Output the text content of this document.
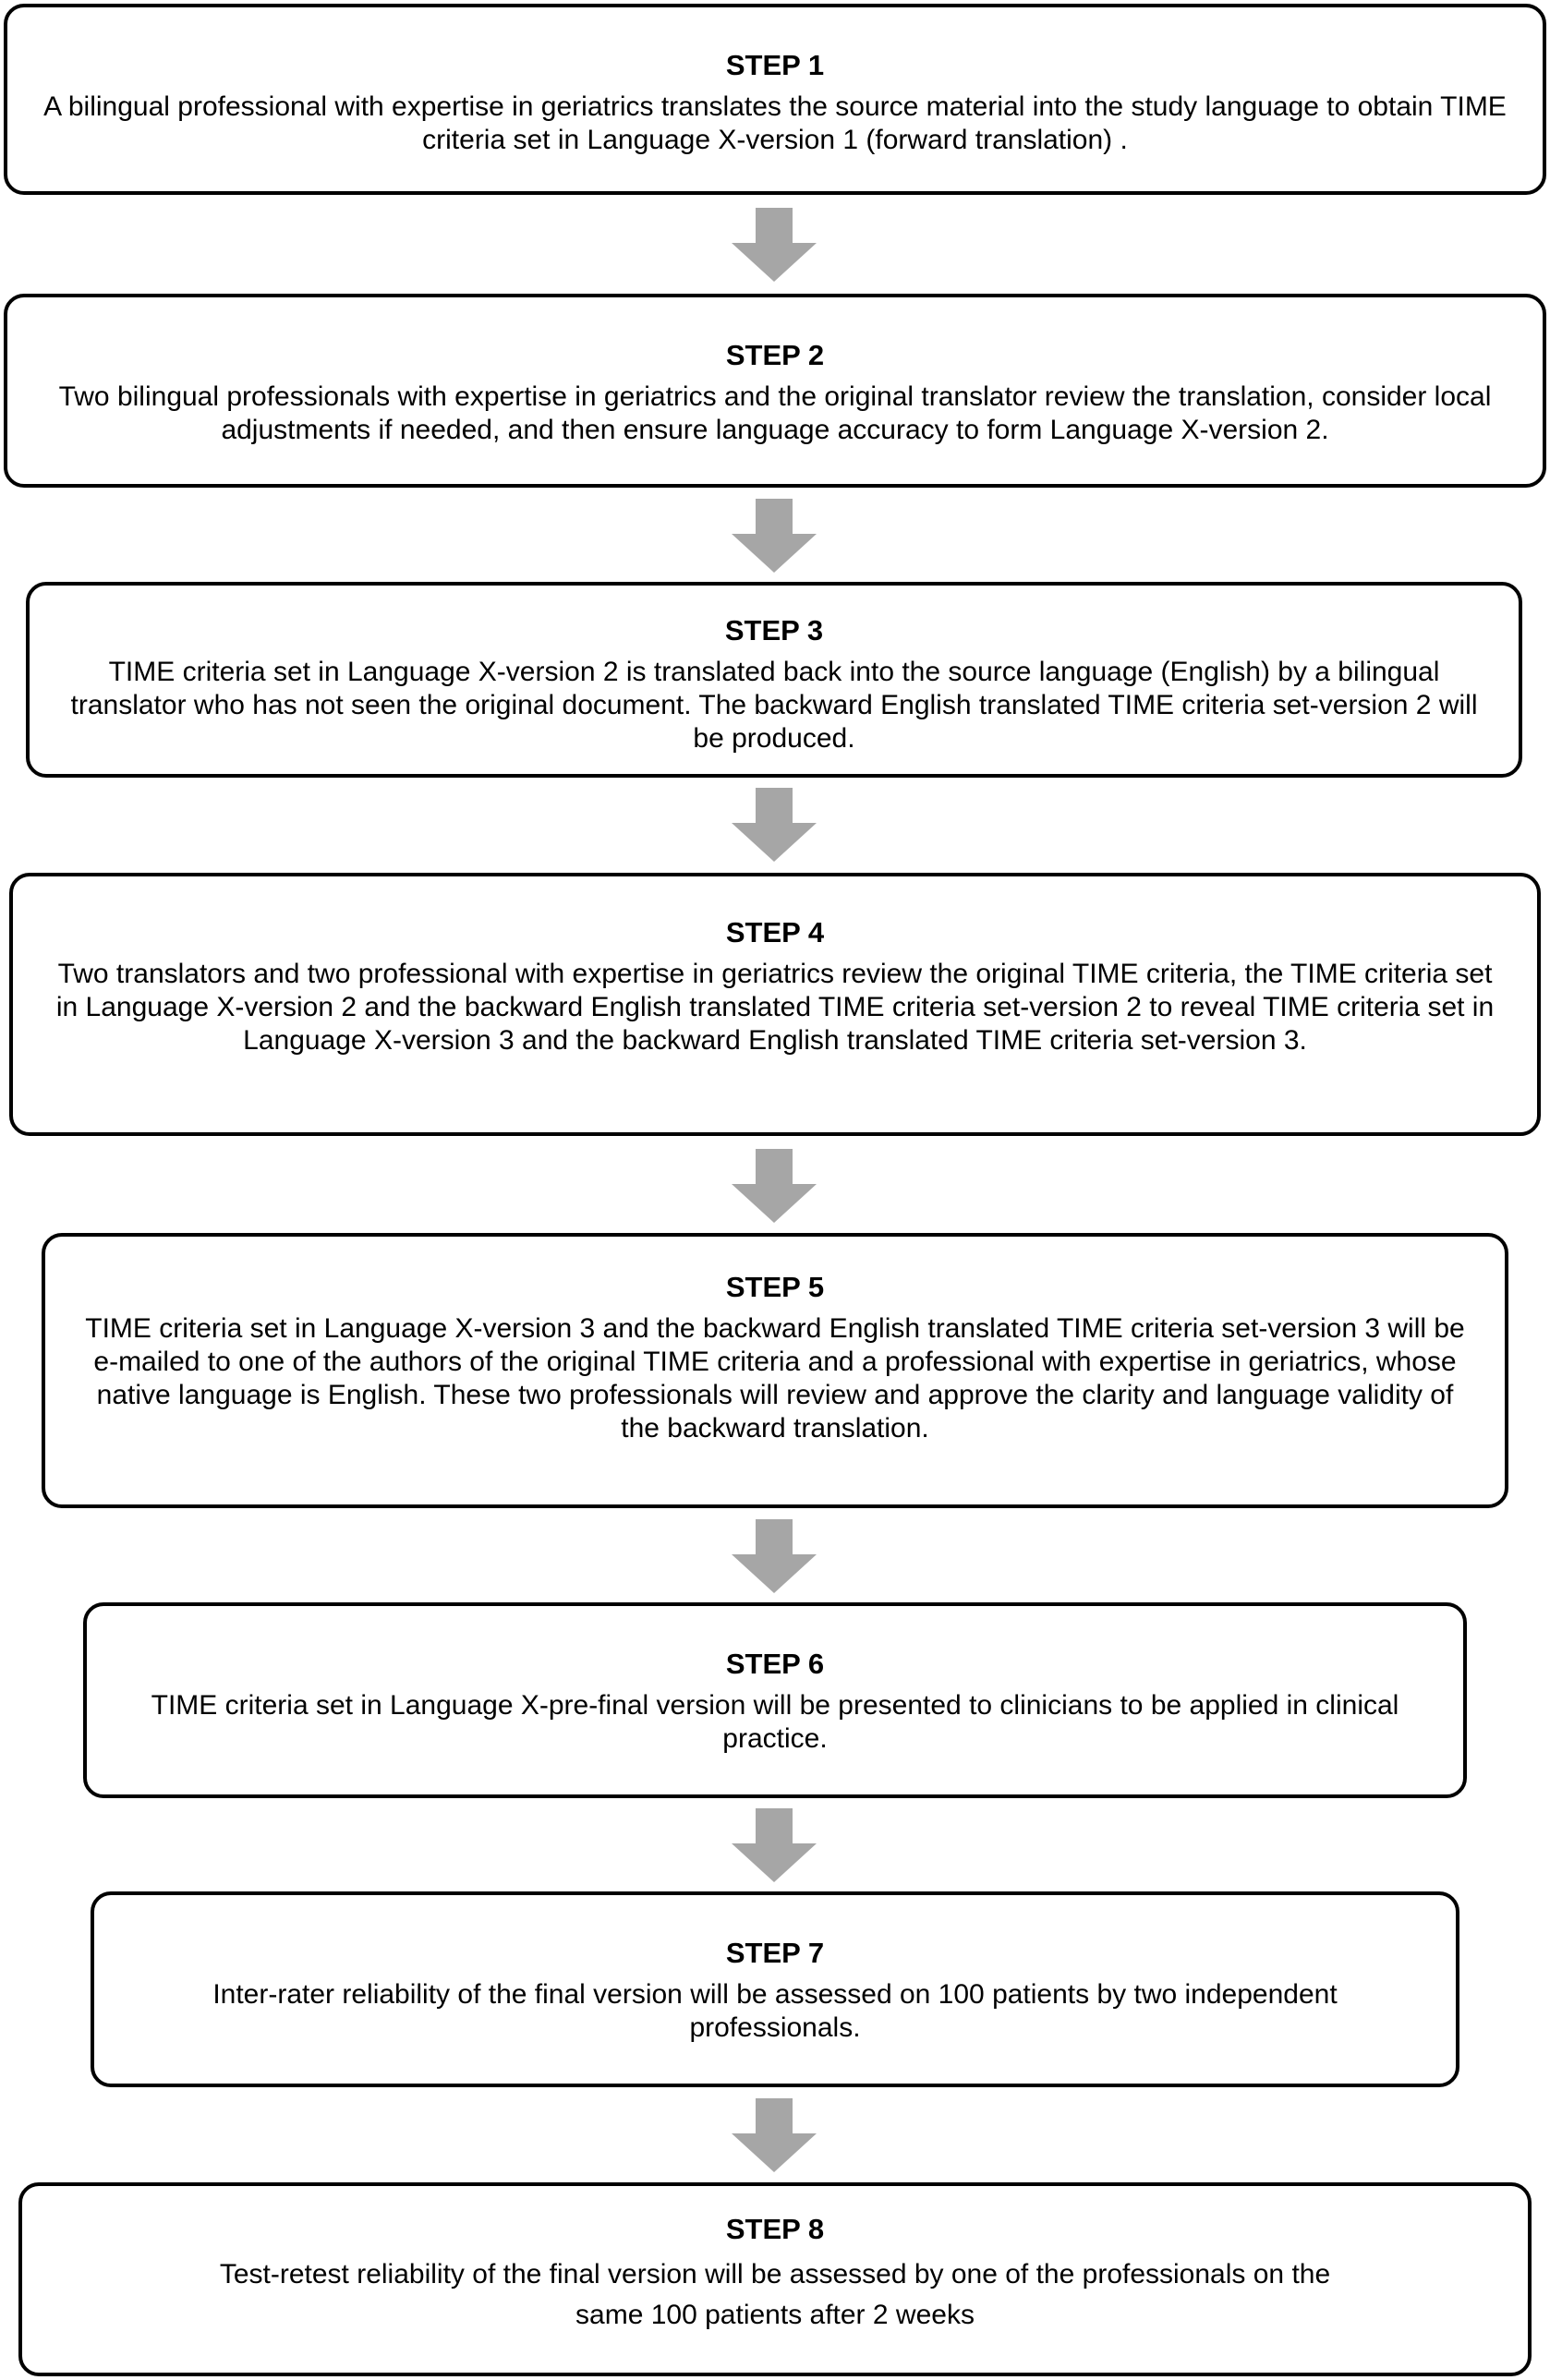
STEP 1
A bilingual professional with expertise in geriatrics translates the source material into the study language to obtain TIME criteria set in Language X-version 1 (forward translation) .
STEP 2
Two bilingual professionals with expertise in geriatrics and the original translator review the translation, consider local adjustments if needed, and then ensure language accuracy to form Language X-version 2.
STEP 3
TIME criteria set in Language X-version 2 is translated back into the source language (English) by a bilingual translator who has not seen the original document. The backward English translated TIME criteria set-version 2 will be produced.
STEP 4
Two translators and two professional with expertise in geriatrics review the original TIME criteria, the TIME criteria set in Language X-version 2 and the backward English translated TIME criteria set-version 2 to reveal TIME criteria set in Language X-version 3 and the backward English translated TIME criteria set-version 3.
STEP 5
TIME criteria set in Language X-version 3 and the backward English translated TIME criteria set-version 3 will be e-mailed to one of the authors of the original TIME criteria and a professional with expertise in geriatrics, whose native language is English. These two professionals will review and approve the clarity and language validity of the backward translation.
STEP 6
TIME criteria set in Language X-pre-final version will be presented to clinicians to be applied in clinical practice.
STEP 7
Inter-rater reliability of the final version will be assessed on 100 patients by two independent professionals.
STEP 8
Test-retest reliability of the final version will be assessed by one of the professionals on the same 100 patients after 2 weeks
